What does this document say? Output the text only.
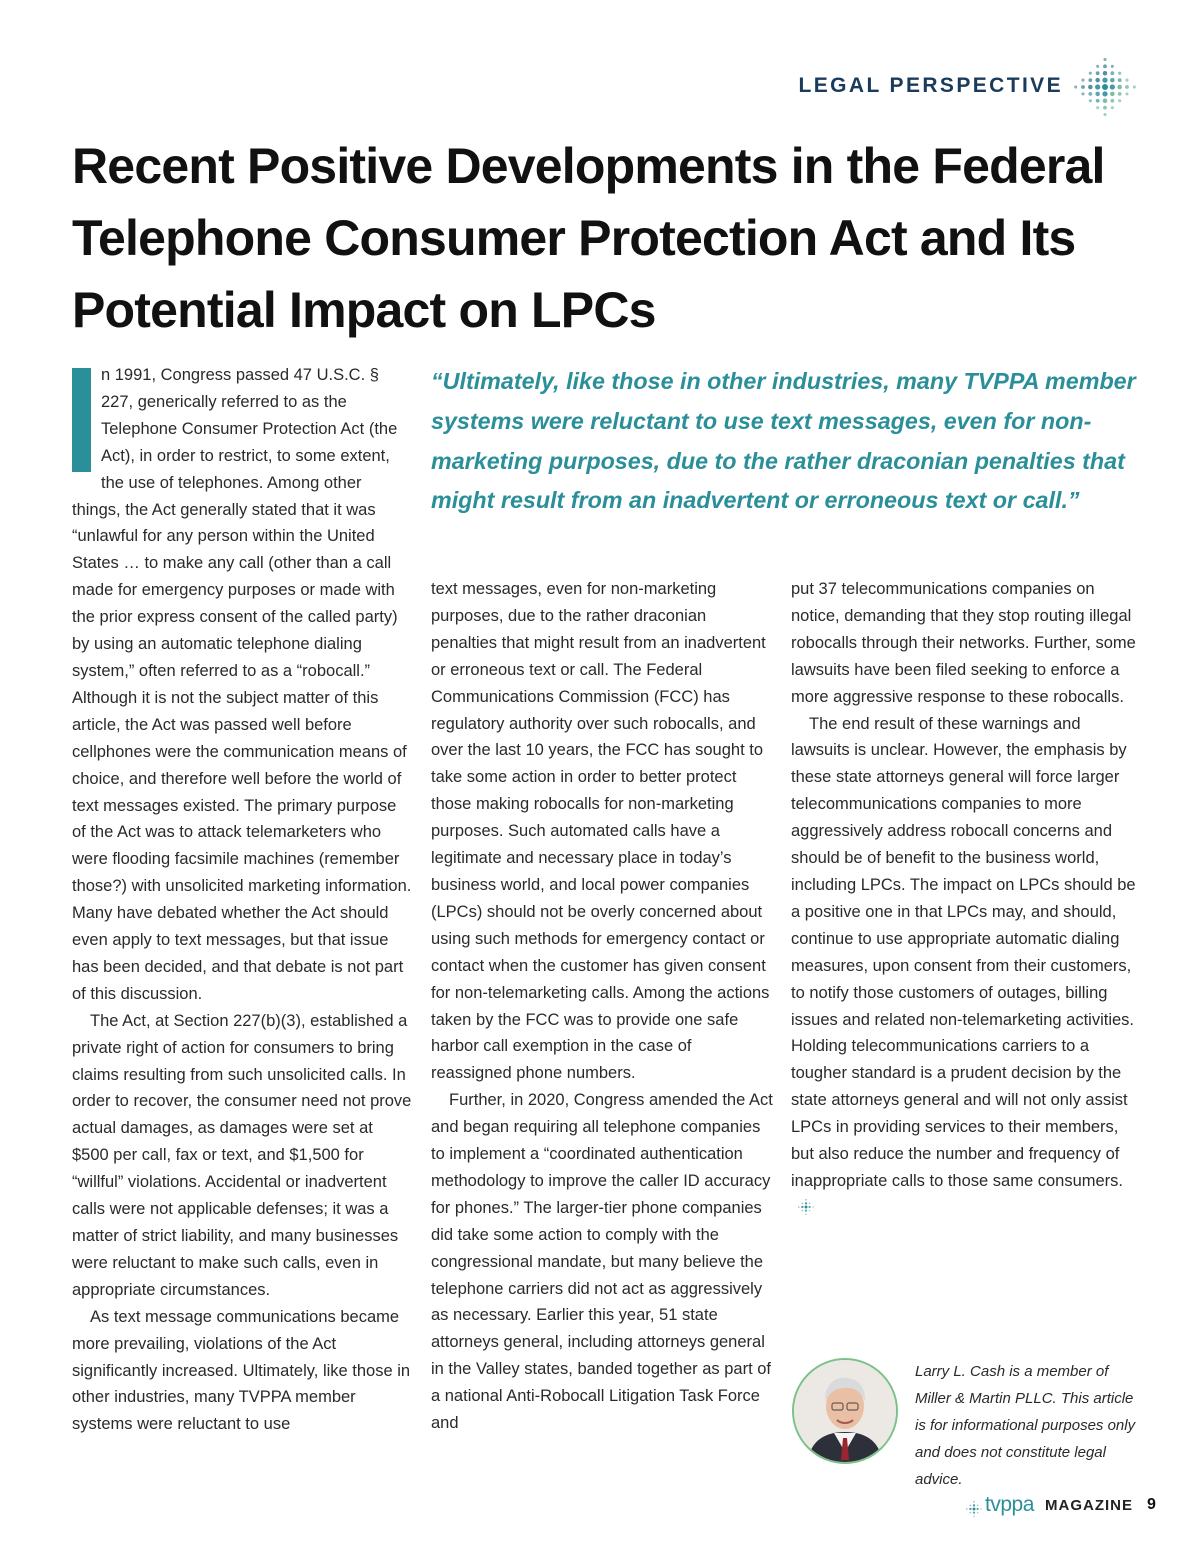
LEGAL PERSPECTIVE
Recent Positive Developments in the Federal Telephone Consumer Protection Act and Its Potential Impact on LPCs

n 1991, Congress passed 47 U.S.C. § 227, generically referred to as the Telephone Consumer Protection Act (the Act), in order to restrict, to some extent, the use of telephones. Among other things, the Act generally stated that it was “unlawful for any person within the United States … to make any call (other than a call made for emergency purposes or made with the prior express consent of the called party) by using an automatic telephone dialing system,” often referred to as a “robocall.” Although it is not the subject matter of this article, the Act was passed well before cellphones were the communication means of choice, and therefore well before the world of text messages existed. The primary purpose of the Act was to attack telemarketers who were flooding facsimile machines (remember those?) with unsolicited marketing information. Many have debated whether the Act should even apply to text messages, but that issue has been decided, and that debate is not part of this discussion.

The Act, at Section 227(b)(3), established a private right of action for consumers to bring claims resulting from such unsolicited calls. In order to recover, the consumer need not prove actual damages, as damages were set at $500 per call, fax or text, and $1,500 for “willful” violations. Accidental or inadvertent calls were not applicable defenses; it was a matter of strict liability, and many businesses were reluctant to make such calls, even in appropriate circumstances.

As text message communications became more prevailing, violations of the Act significantly increased. Ultimately, like those in other industries, many TVPPA member systems were reluctant to use

“Ultimately, like those in other industries, many TVPPA member systems were reluctant to use text messages, even for non-marketing purposes, due to the rather draconian penalties that might result from an inadvertent or erroneous text or call.”

text messages, even for non-marketing purposes, due to the rather draconian penalties that might result from an inadvertent or erroneous text or call. The Federal Communications Commission (FCC) has regulatory authority over such robocalls, and over the last 10 years, the FCC has sought to take some action in order to better protect those making robocalls for non-marketing purposes. Such automated calls have a legitimate and necessary place in today’s business world, and local power companies (LPCs) should not be overly concerned about using such methods for emergency contact or contact when the customer has given consent for non-telemarketing calls. Among the actions taken by the FCC was to provide one safe harbor call exemption in the case of reassigned phone numbers.

Further, in 2020, Congress amended the Act and began requiring all telephone companies to implement a “coordinated authentication methodology to improve the caller ID accuracy for phones.” The larger-tier phone companies did take some action to comply with the congressional mandate, but many believe the telephone carriers did not act as aggressively as necessary. Earlier this year, 51 state attorneys general, including attorneys general in the Valley states, banded together as part of a national Anti-Robocall Litigation Task Force and

put 37 telecommunications companies on notice, demanding that they stop routing illegal robocalls through their networks. Further, some lawsuits have been filed seeking to enforce a more aggressive response to these robocalls.

The end result of these warnings and lawsuits is unclear. However, the emphasis by these state attorneys general will force larger telecommunications companies to more aggressively address robocall concerns and should be of benefit to the business world, including LPCs. The impact on LPCs should be a positive one in that LPCs may, and should, continue to use appropriate automatic dialing measures, upon consent from their customers, to notify those customers of outages, billing issues and related non-telemarketing activities. Holding telecommunications carriers to a tougher standard is a prudent decision by the state attorneys general and will not only assist LPCs in providing services to their members, but also reduce the number and frequency of inappropriate calls to those same consumers.

Larry L. Cash is a member of Miller & Martin PLLC. This article is for informational purposes only and does not constitute legal advice.

tvppa MAGAZINE 9
